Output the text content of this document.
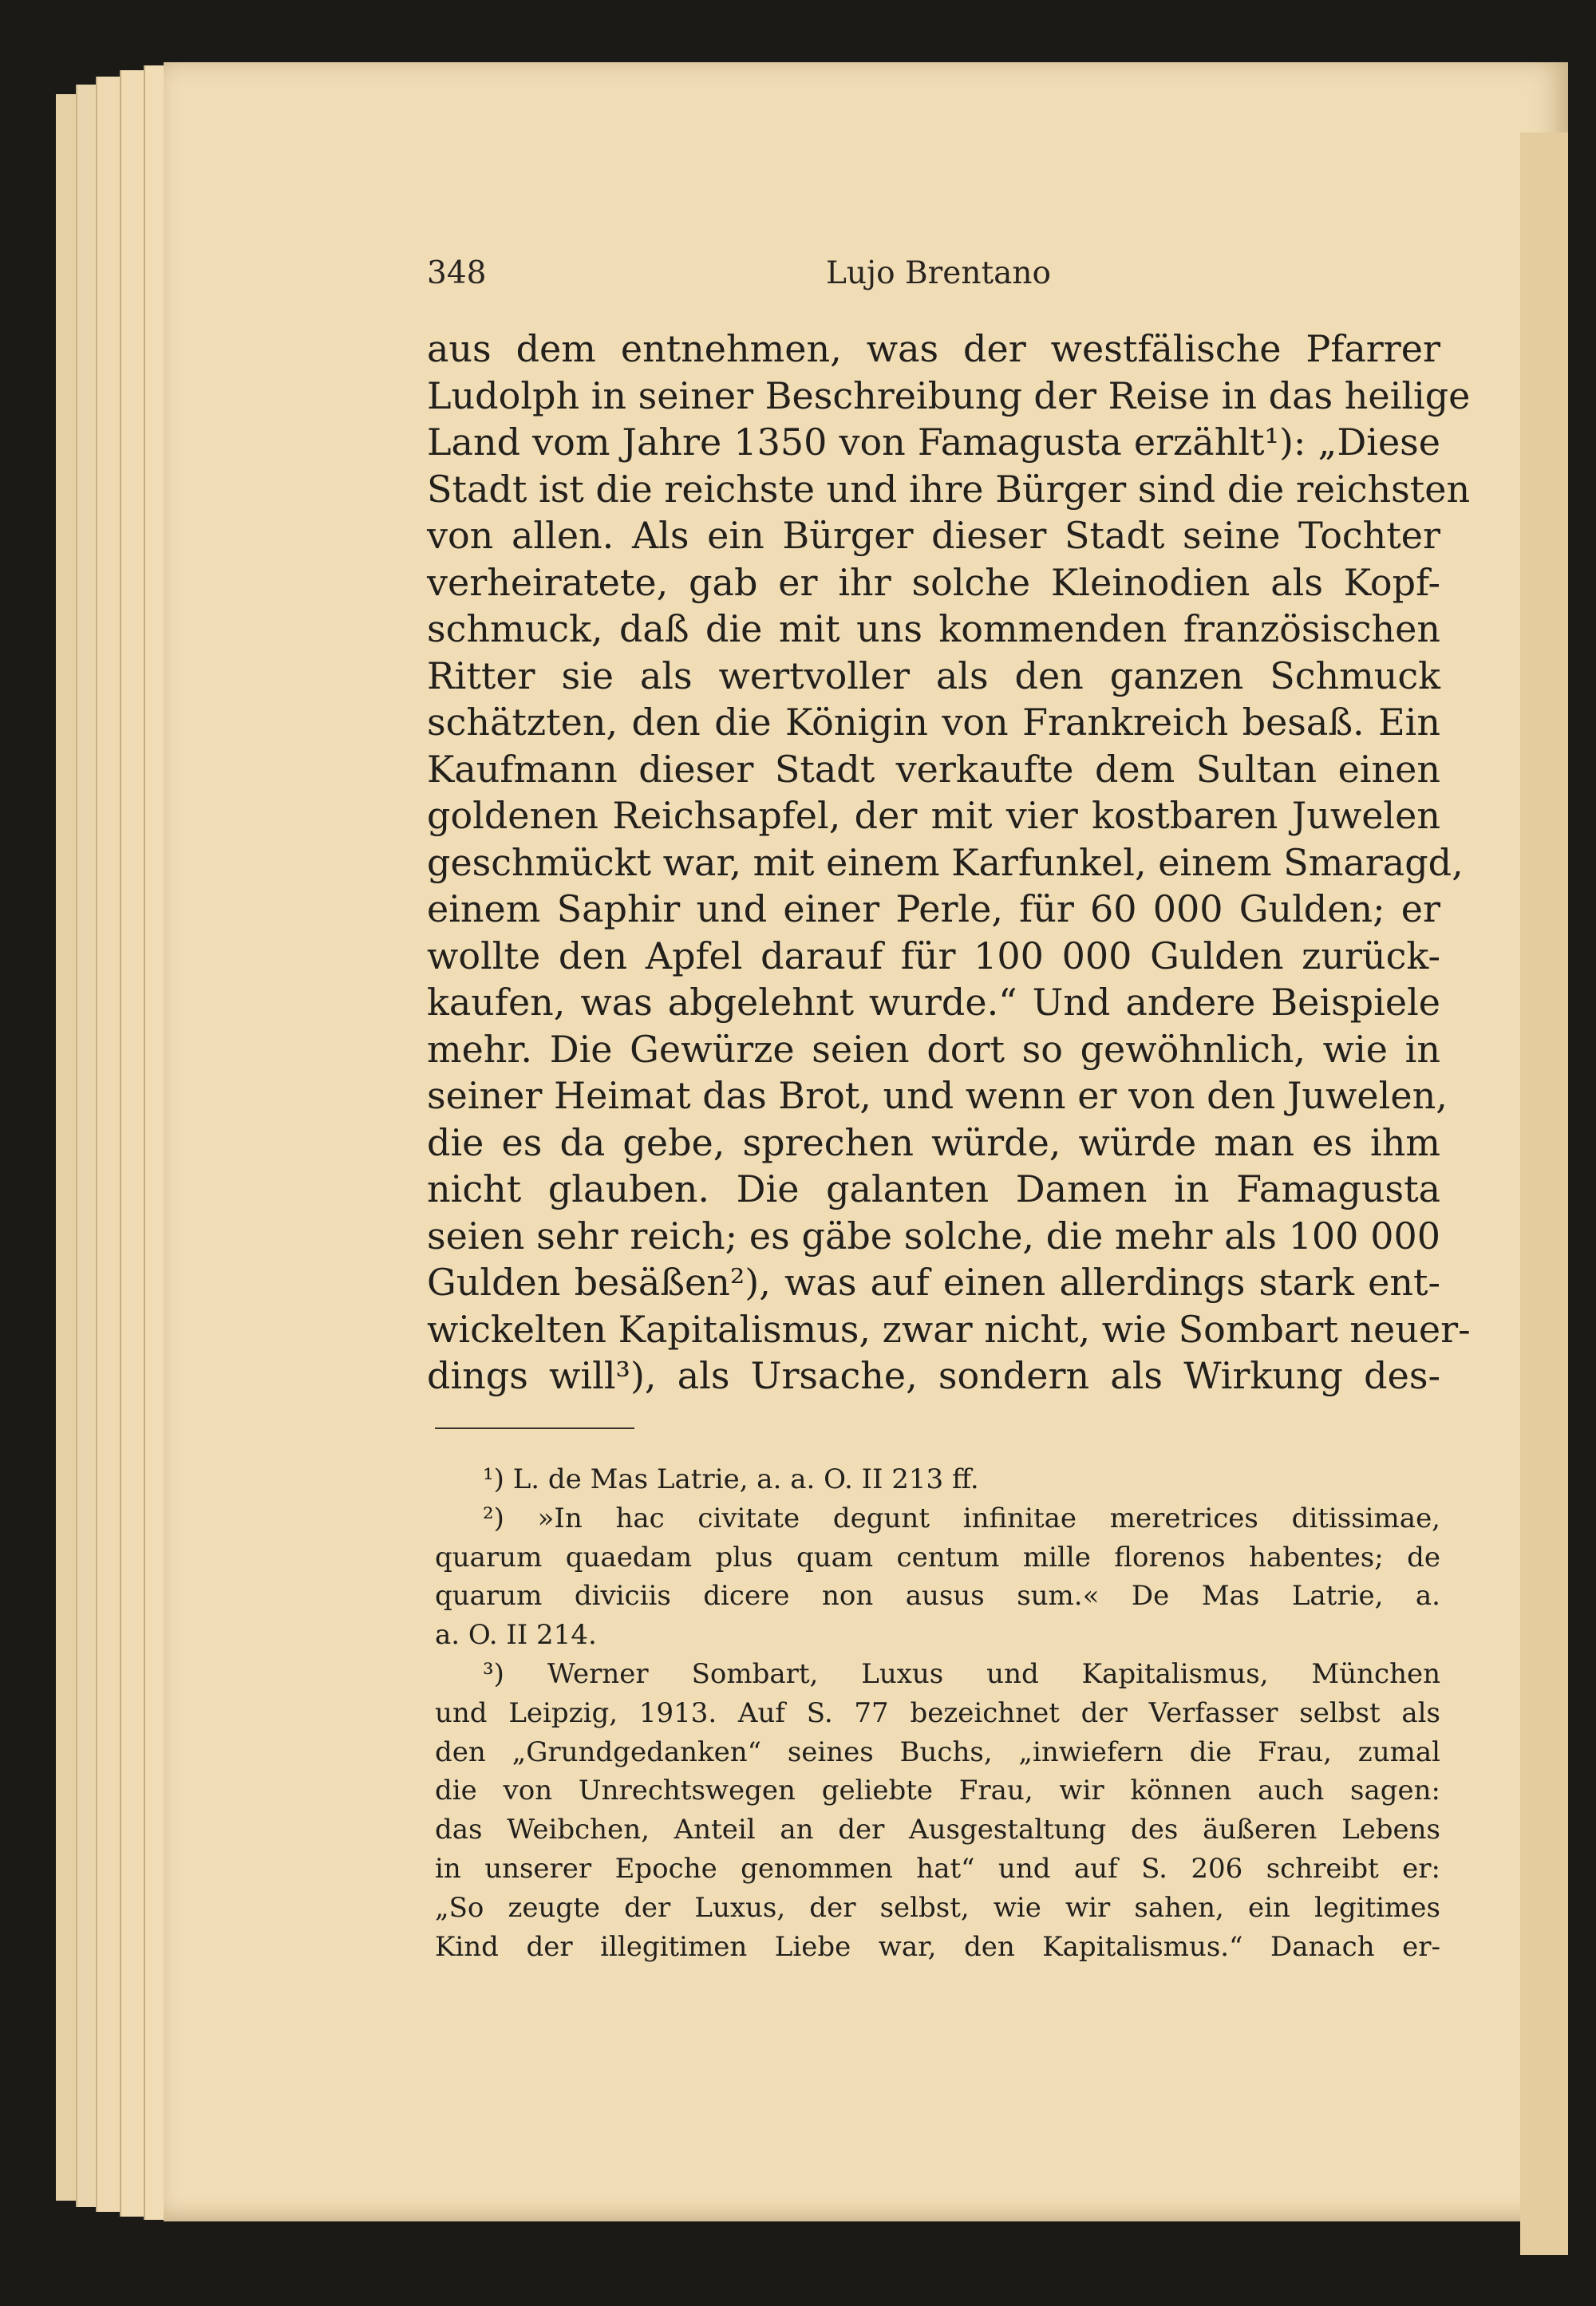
348	Lujo Brentano
aus dem entnehmen, was der westfälische Pfarrer
Ludolph in seiner Beschreibung der Reise in das heilige
Land vom Jahre 1350 von Famagusta erzählt¹): „Diese
Stadt ist die reichste und ihre Bürger sind die reichsten
von allen. Als ein Bürger dieser Stadt seine Tochter
verheiratete, gab er ihr solche Kleinodien als Kopf-
schmuck, daß die mit uns kommenden französischen
Ritter sie als wertvoller als den ganzen Schmuck
schätzten, den die Königin von Frankreich besaß. Ein
Kaufmann dieser Stadt verkaufte dem Sultan einen
goldenen Reichsapfel, der mit vier kostbaren Juwelen
geschmückt war, mit einem Karfunkel, einem Smaragd,
einem Saphir und einer Perle, für 60 000 Gulden; er
wollte den Apfel darauf für 100 000 Gulden zurück-
kaufen, was abgelehnt wurde.“ Und andere Beispiele
mehr. Die Gewürze seien dort so gewöhnlich, wie in
seiner Heimat das Brot, und wenn er von den Juwelen,
die es da gebe, sprechen würde, würde man es ihm
nicht glauben. Die galanten Damen in Famagusta
seien sehr reich; es gäbe solche, die mehr als 100 000
Gulden besäßen²), was auf einen allerdings stark ent-
wickelten Kapitalismus, zwar nicht, wie Sombart neuer-
dings will³), als Ursache, sondern als Wirkung des-
¹) L. de Mas Latrie, a. a. O. II 213 ff.
²) »In hac civitate degunt infinitae meretrices ditissimae,
quarum quaedam plus quam centum mille florenos habentes; de
quarum diviciis dicere non ausus sum.« De Mas Latrie, a.
a. O. II 214.
³) Werner Sombart, Luxus und Kapitalismus, München
und Leipzig, 1913. Auf S. 77 bezeichnet der Verfasser selbst als
den „Grundgedanken“ seines Buchs, „inwiefern die Frau, zumal
die von Unrechtswegen geliebte Frau, wir können auch sagen:
das Weibchen, Anteil an der Ausgestaltung des äußeren Lebens
in unserer Epoche genommen hat“ und auf S. 206 schreibt er:
„So zeugte der Luxus, der selbst, wie wir sahen, ein legitimes
Kind der illegitimen Liebe war, den Kapitalismus.“ Danach er-
